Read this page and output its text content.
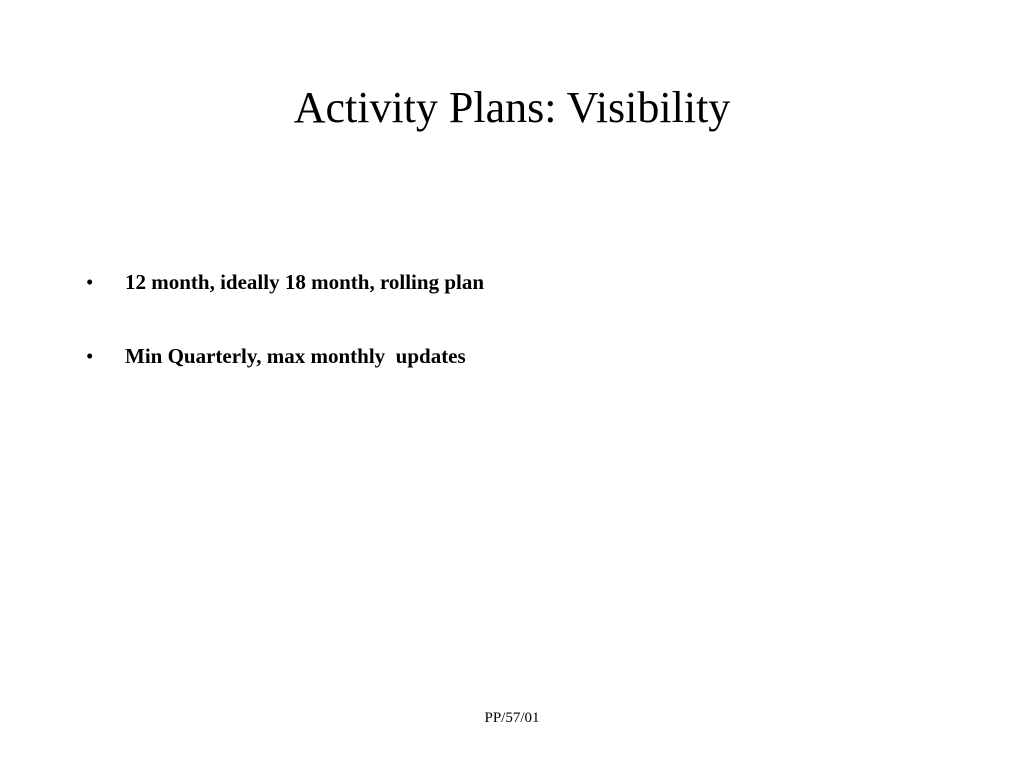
Activity Plans: Visibility
•	12 month, ideally 18 month, rolling plan
•	Min Quarterly, max monthly  updates
PP/57/01
